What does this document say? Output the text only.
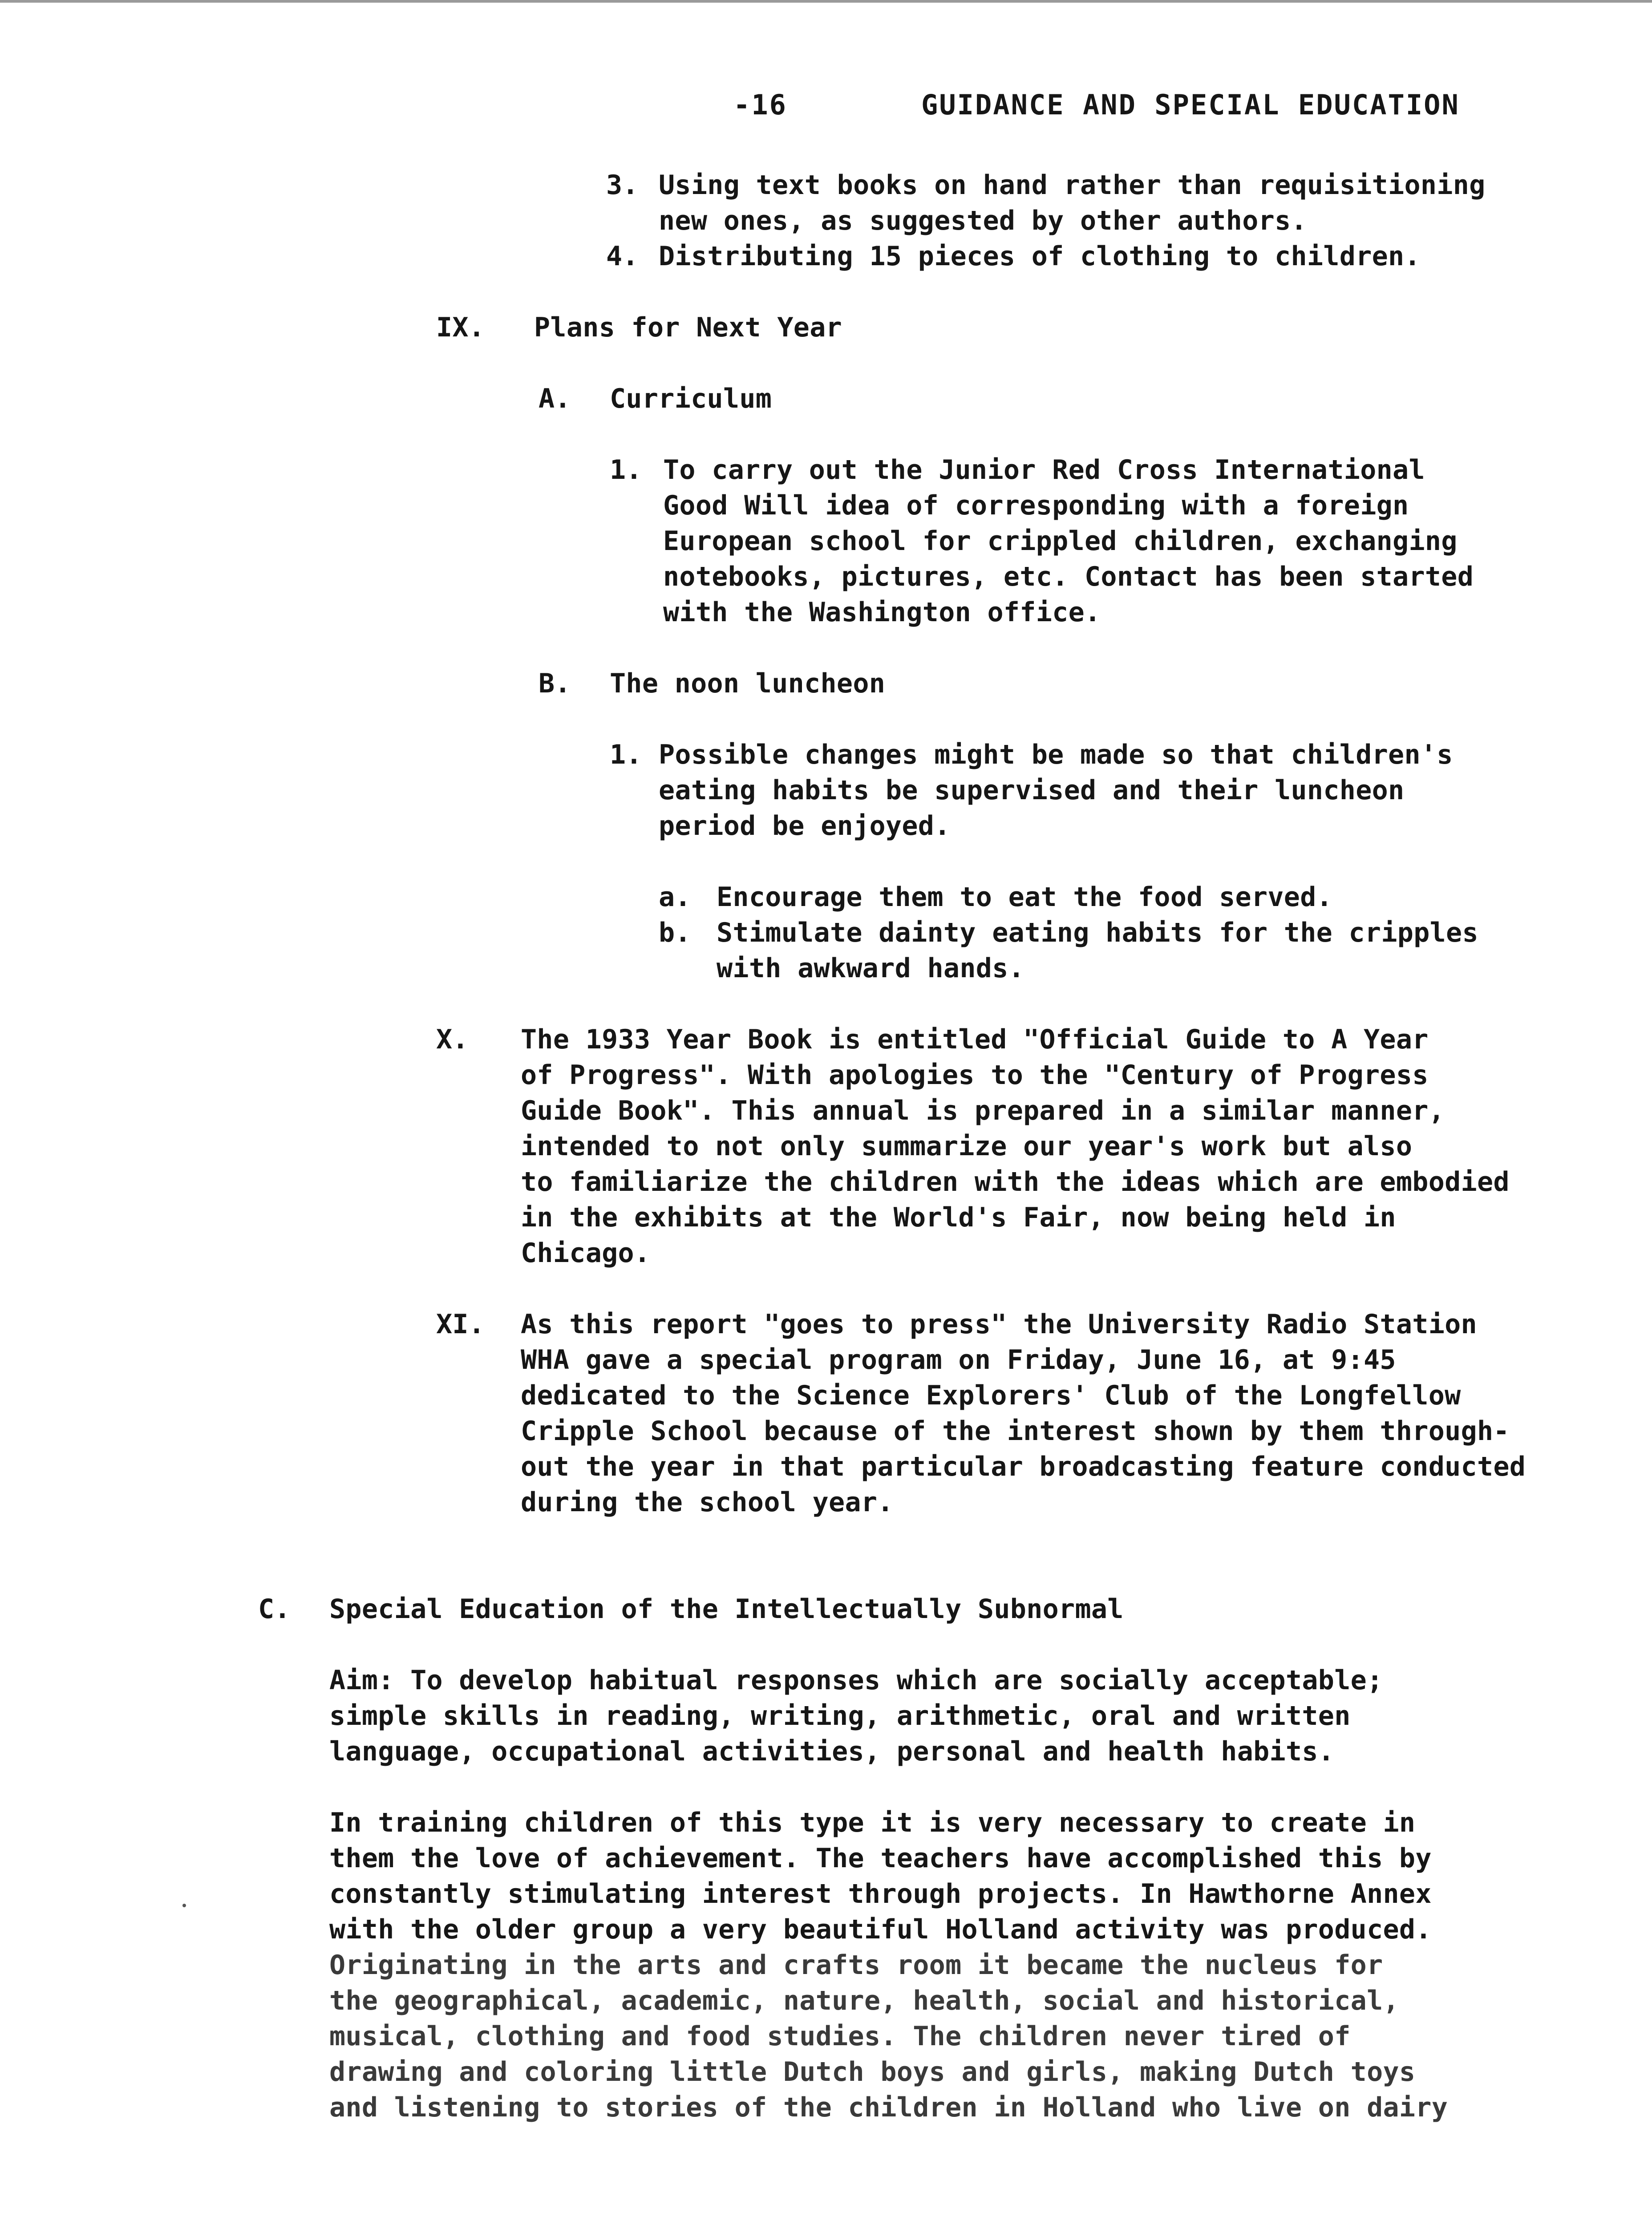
-16	GUIDANCE AND SPECIAL EDUCATION
3. Using text books on hand rather than requisitioning
new ones, as suggested by other authors.
4. Distributing 15 pieces of clothing to children.
IX. Plans for Next Year
A. Curriculum
1. To carry out the Junior Red Cross International
Good Will idea of corresponding with a foreign
European school for crippled children, exchanging
notebooks, pictures, etc. Contact has been started
with the Washington office.
B. The noon luncheon
1. Possible changes might be made so that children's
eating habits be supervised and their luncheon
period be enjoyed.
a. Encourage them to eat the food served.
b. Stimulate dainty eating habits for the cripples
with awkward hands.
X. The 1933 Year Book is entitled "Official Guide to A Year
of Progress". With apologies to the "Century of Progress
Guide Book". This annual is prepared in a similar manner,
intended to not only summarize our year's work but also
to familiarize the children with the ideas which are embodied
in the exhibits at the World's Fair, now being held in
Chicago.
XI. As this report "goes to press" the University Radio Station
WHA gave a special program on Friday, June 16, at 9:45
dedicated to the Science Explorers' Club of the Longfellow
Cripple School because of the interest shown by them through-
out the year in that particular broadcasting feature conducted
during the school year.
C. Special Education of the Intellectually Subnormal
Aim: To develop habitual responses which are socially acceptable;
simple skills in reading, writing, arithmetic, oral and written
language, occupational activities, personal and health habits.
In training children of this type it is very necessary to create in
them the love of achievement. The teachers have accomplished this by
constantly stimulating interest through projects. In Hawthorne Annex
with the older group a very beautiful Holland activity was produced.
Originating in the arts and crafts room it became the nucleus for
the geographical, academic, nature, health, social and historical,
musical, clothing and food studies. The children never tired of
drawing and coloring little Dutch boys and girls, making Dutch toys
and listening to stories of the children in Holland who live on dairy
